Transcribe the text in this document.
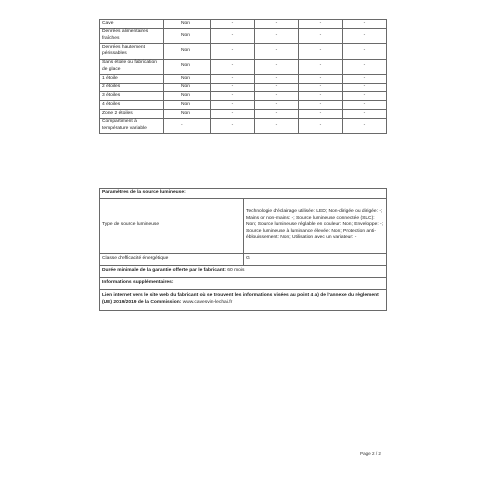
Cave	Non	-	-	-	-
Denrées alimentaires fraîches	Non	-	-	-	-
Denrées hautement périssables	Non	-	-	-	-
Sans étoile ou fabrication de glace	Non	-	-	-	-
1 étoile	Non	-	-	-	-
2 étoiles	Non	-	-	-	-
3 étoiles	Non	-	-	-	-
4 étoiles	Non	-	-	-	-
Zone 2 étoiles	Non	-	-	-	-
Compartiment à température variable	-	-	-	-	-
Paramètres de la source lumineuse:	
Type de source lumineuse	Technologie d'éclairage utilisée: LED; Non-dirigée ou dirigée: -; Mains or non-mains: -; Source lumineuse connectée (SLC): Non; Source lumineuse réglable en couleur: Non; Enveloppe: -; Source lumineuse à luminance élevée: Non; Protection anti-éblouissement: Non; Utilisation avec un variateur: -
Classe d'efficacité énergétique	G
Durée minimale de la garantie offerte par le fabricant: 60 mois	
Informations supplémentaires:	
Lien internet vers le site web du fabricant où se trouvent les informations visées au point 4 a) de l'annexe du règlement (UE) 2019/2019 de la Commission: www.cavesvin-lechai.fr	
Page 2 / 2
